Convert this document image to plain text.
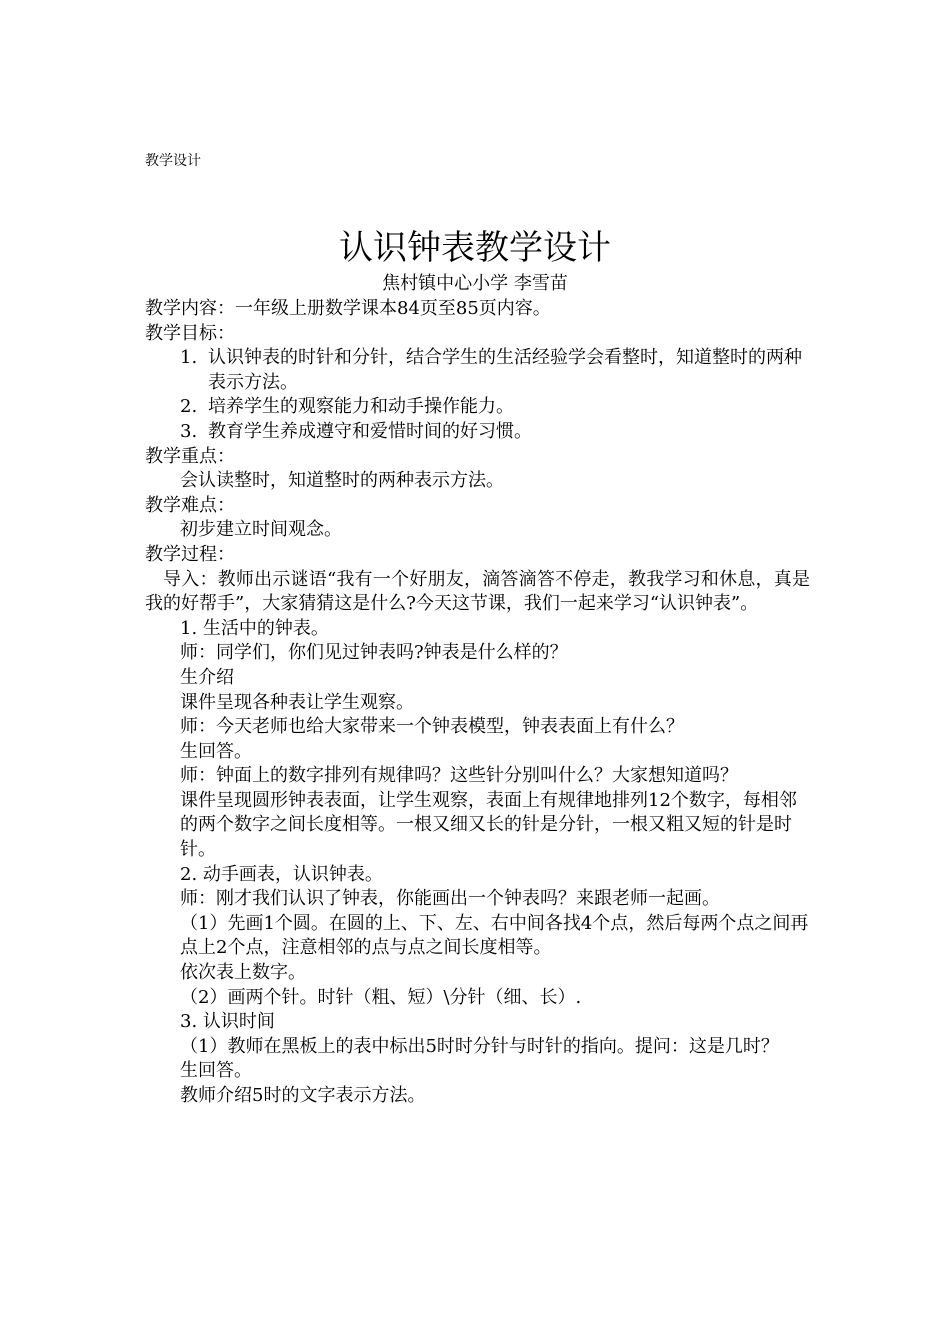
教学设计
认识钟表教学设计
焦村镇中心小学 李雪苗

教学内容：一年级上册数学课本84页至85页内容。

教学目标：

1. 认识钟表的时针和分针，结合学生的生活经验学会看整时，知道整时的两种表示方法。
2. 培养学生的观察能力和动手操作能力。
3. 教育学生养成遵守和爱惜时间的好习惯。

教学重点：

会认读整时，知道整时的两种表示方法。

教学难点：

初步建立时间观念。

教学过程：

导入：教师出示谜语“我有一个好朋友，滴答滴答不停走，教我学习和休息，真是我的好帮手”，大家猜猜这是什么?今天这节课，我们一起来学习“认识钟表”。

1. 生活中的钟表。

师：同学们，你们见过钟表吗?钟表是什么样的？

生介绍

课件呈现各种表让学生观察。

师：今天老师也给大家带来一个钟表模型，钟表表面上有什么？

生回答。

师：钟面上的数字排列有规律吗？这些针分别叫什么？大家想知道吗？

课件呈现圆形钟表表面，让学生观察，表面上有规律地排列12个数字，每相邻的两个数字之间长度相等。一根又细又长的针是分针，一根又粗又短的针是时针。

2. 动手画表，认识钟表。

师：刚才我们认识了钟表，你能画出一个钟表吗？来跟老师一起画。

（1）先画1个圆。在圆的上、下、左、右中间各找4个点，然后每两个点之间再点上2个点，注意相邻的点与点之间长度相等。

依次表上数字。

（2）画两个针。时针（粗、短）\分针（细、长）.

3. 认识时间

（1）教师在黑板上的表中标出5时时分针与时针的指向。提问：这是几时？

生回答。

教师介绍5时的文字表示方法。
